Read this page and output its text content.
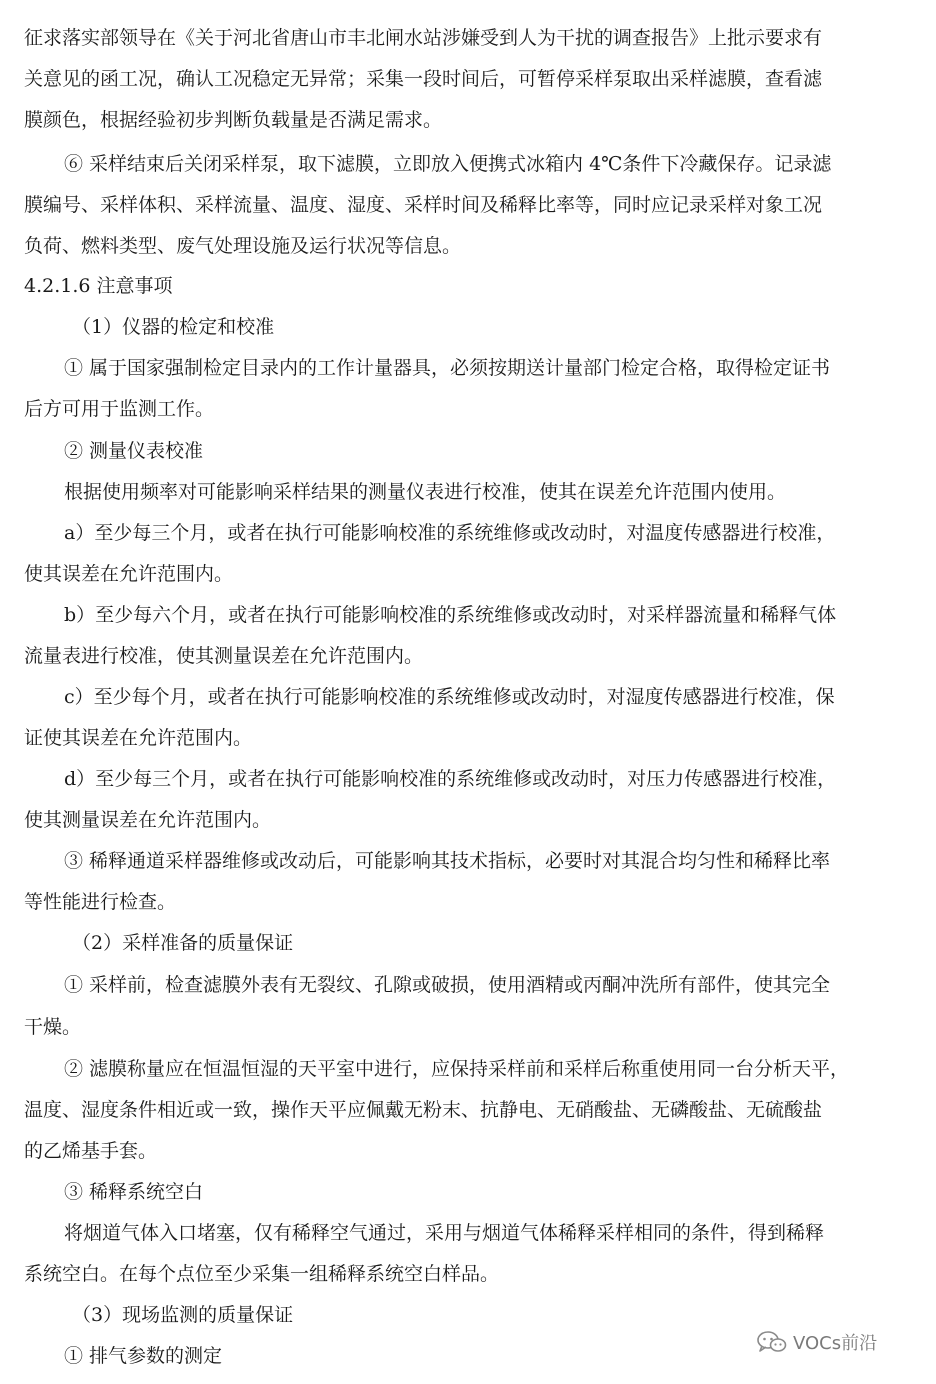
征求落实部领导在《关于河北省唐山市丰北闸水站涉嫌受到人为干扰的调查报告》上批示要求有
关意见的函工况，确认工况稳定无异常；采集一段时间后，可暂停采样泵取出采样滤膜，查看滤
膜颜色，根据经验初步判断负载量是否满足需求。
⑥ 采样结束后关闭采样泵，取下滤膜，立即放入便携式冰箱内 4℃条件下冷藏保存。记录滤
膜编号、采样体积、采样流量、温度、湿度、采样时间及稀释比率等，同时应记录采样对象工况
负荷、燃料类型、废气处理设施及运行状况等信息。
4.2.1.6 注意事项
（1）仪器的检定和校准
① 属于国家强制检定目录内的工作计量器具，必须按期送计量部门检定合格，取得检定证书
后方可用于监测工作。
② 测量仪表校准
根据使用频率对可能影响采样结果的测量仪表进行校准，使其在误差允许范围内使用。
a）至少每三个月，或者在执行可能影响校准的系统维修或改动时，对温度传感器进行校准，
使其误差在允许范围内。
b）至少每六个月，或者在执行可能影响校准的系统维修或改动时，对采样器流量和稀释气体
流量表进行校准，使其测量误差在允许范围内。
c）至少每个月，或者在执行可能影响校准的系统维修或改动时，对湿度传感器进行校准，保
证使其误差在允许范围内。
d）至少每三个月，或者在执行可能影响校准的系统维修或改动时，对压力传感器进行校准，
使其测量误差在允许范围内。
③ 稀释通道采样器维修或改动后，可能影响其技术指标，必要时对其混合均匀性和稀释比率
等性能进行检查。
（2）采样准备的质量保证
① 采样前，检查滤膜外表有无裂纹、孔隙或破损，使用酒精或丙酮冲洗所有部件，使其完全
干燥。
② 滤膜称量应在恒温恒湿的天平室中进行，应保持采样前和采样后称重使用同一台分析天平，
温度、湿度条件相近或一致，操作天平应佩戴无粉末、抗静电、无硝酸盐、无磷酸盐、无硫酸盐
的乙烯基手套。
③ 稀释系统空白
将烟道气体入口堵塞，仅有稀释空气通过，采用与烟道气体稀释采样相同的条件，得到稀释
系统空白。在每个点位至少采集一组稀释系统空白样品。
（3）现场监测的质量保证
① 排气参数的测定
VOCs前沿
